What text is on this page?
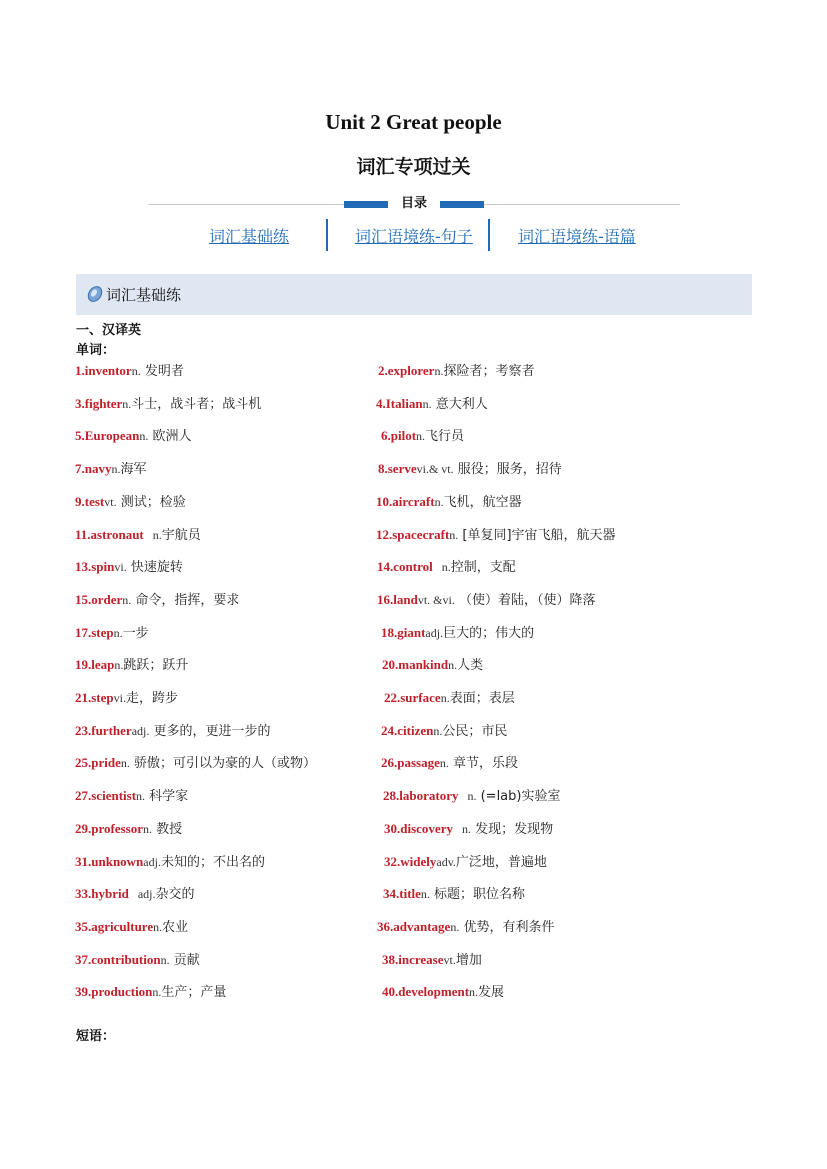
Unit 2 Great people
词汇专项过关
目录
词汇基础练	词汇语境练-句子	词汇语境练-语篇
词汇基础练
一、汉译英
单词：
1.inventorn. 发明者	2.explorern.探险者；考察者
3.fightern.斗士，战斗者；战斗机	4.Italiann. 意大利人
5.Europeann. 欧洲人	6.pilotn.飞行员
7.navyn.海军	8.servevi.& vt. 服役；服务，招待
9.testvt. 测试；检验	10.aircraftn.飞机，航空器
11.astronaut   n.宇航员	12.spacecraftn. [单复同]宇宙飞船，航天器
13.spinvi. 快速旋转	14.control   n.控制，支配
15.ordern. 命令，指挥，要求	16.landvt. &vi. （使）着陆，（使）降落
17.stepn.一步	18.giantadj.巨大的；伟大的
19.leapn.跳跃；跃升	20.mankindn.人类
21.stepvi.走，跨步	22.surfacen.表面；表层
23.furtheradj. 更多的，更进一步的	24.citizenn.公民；市民
25.priden. 骄傲；可引以为豪的人（或物）	26.passagen. 章节，乐段
27.scientistn. 科学家	28.laboratory   n. (=lab)实验室
29.professorn. 教授	30.discovery   n. 发现；发现物
31.unknownadj.未知的；不出名的	32.widelyadv.广泛地，普遍地
33.hybrid   adj.杂交的	34.titlen. 标题；职位名称
35.agriculturen.农业	36.advantagen. 优势，有利条件
37.contributionn. 贡献	38.increasevt.增加
39.productionn.生产；产量	40.developmentn.发展
短语：
